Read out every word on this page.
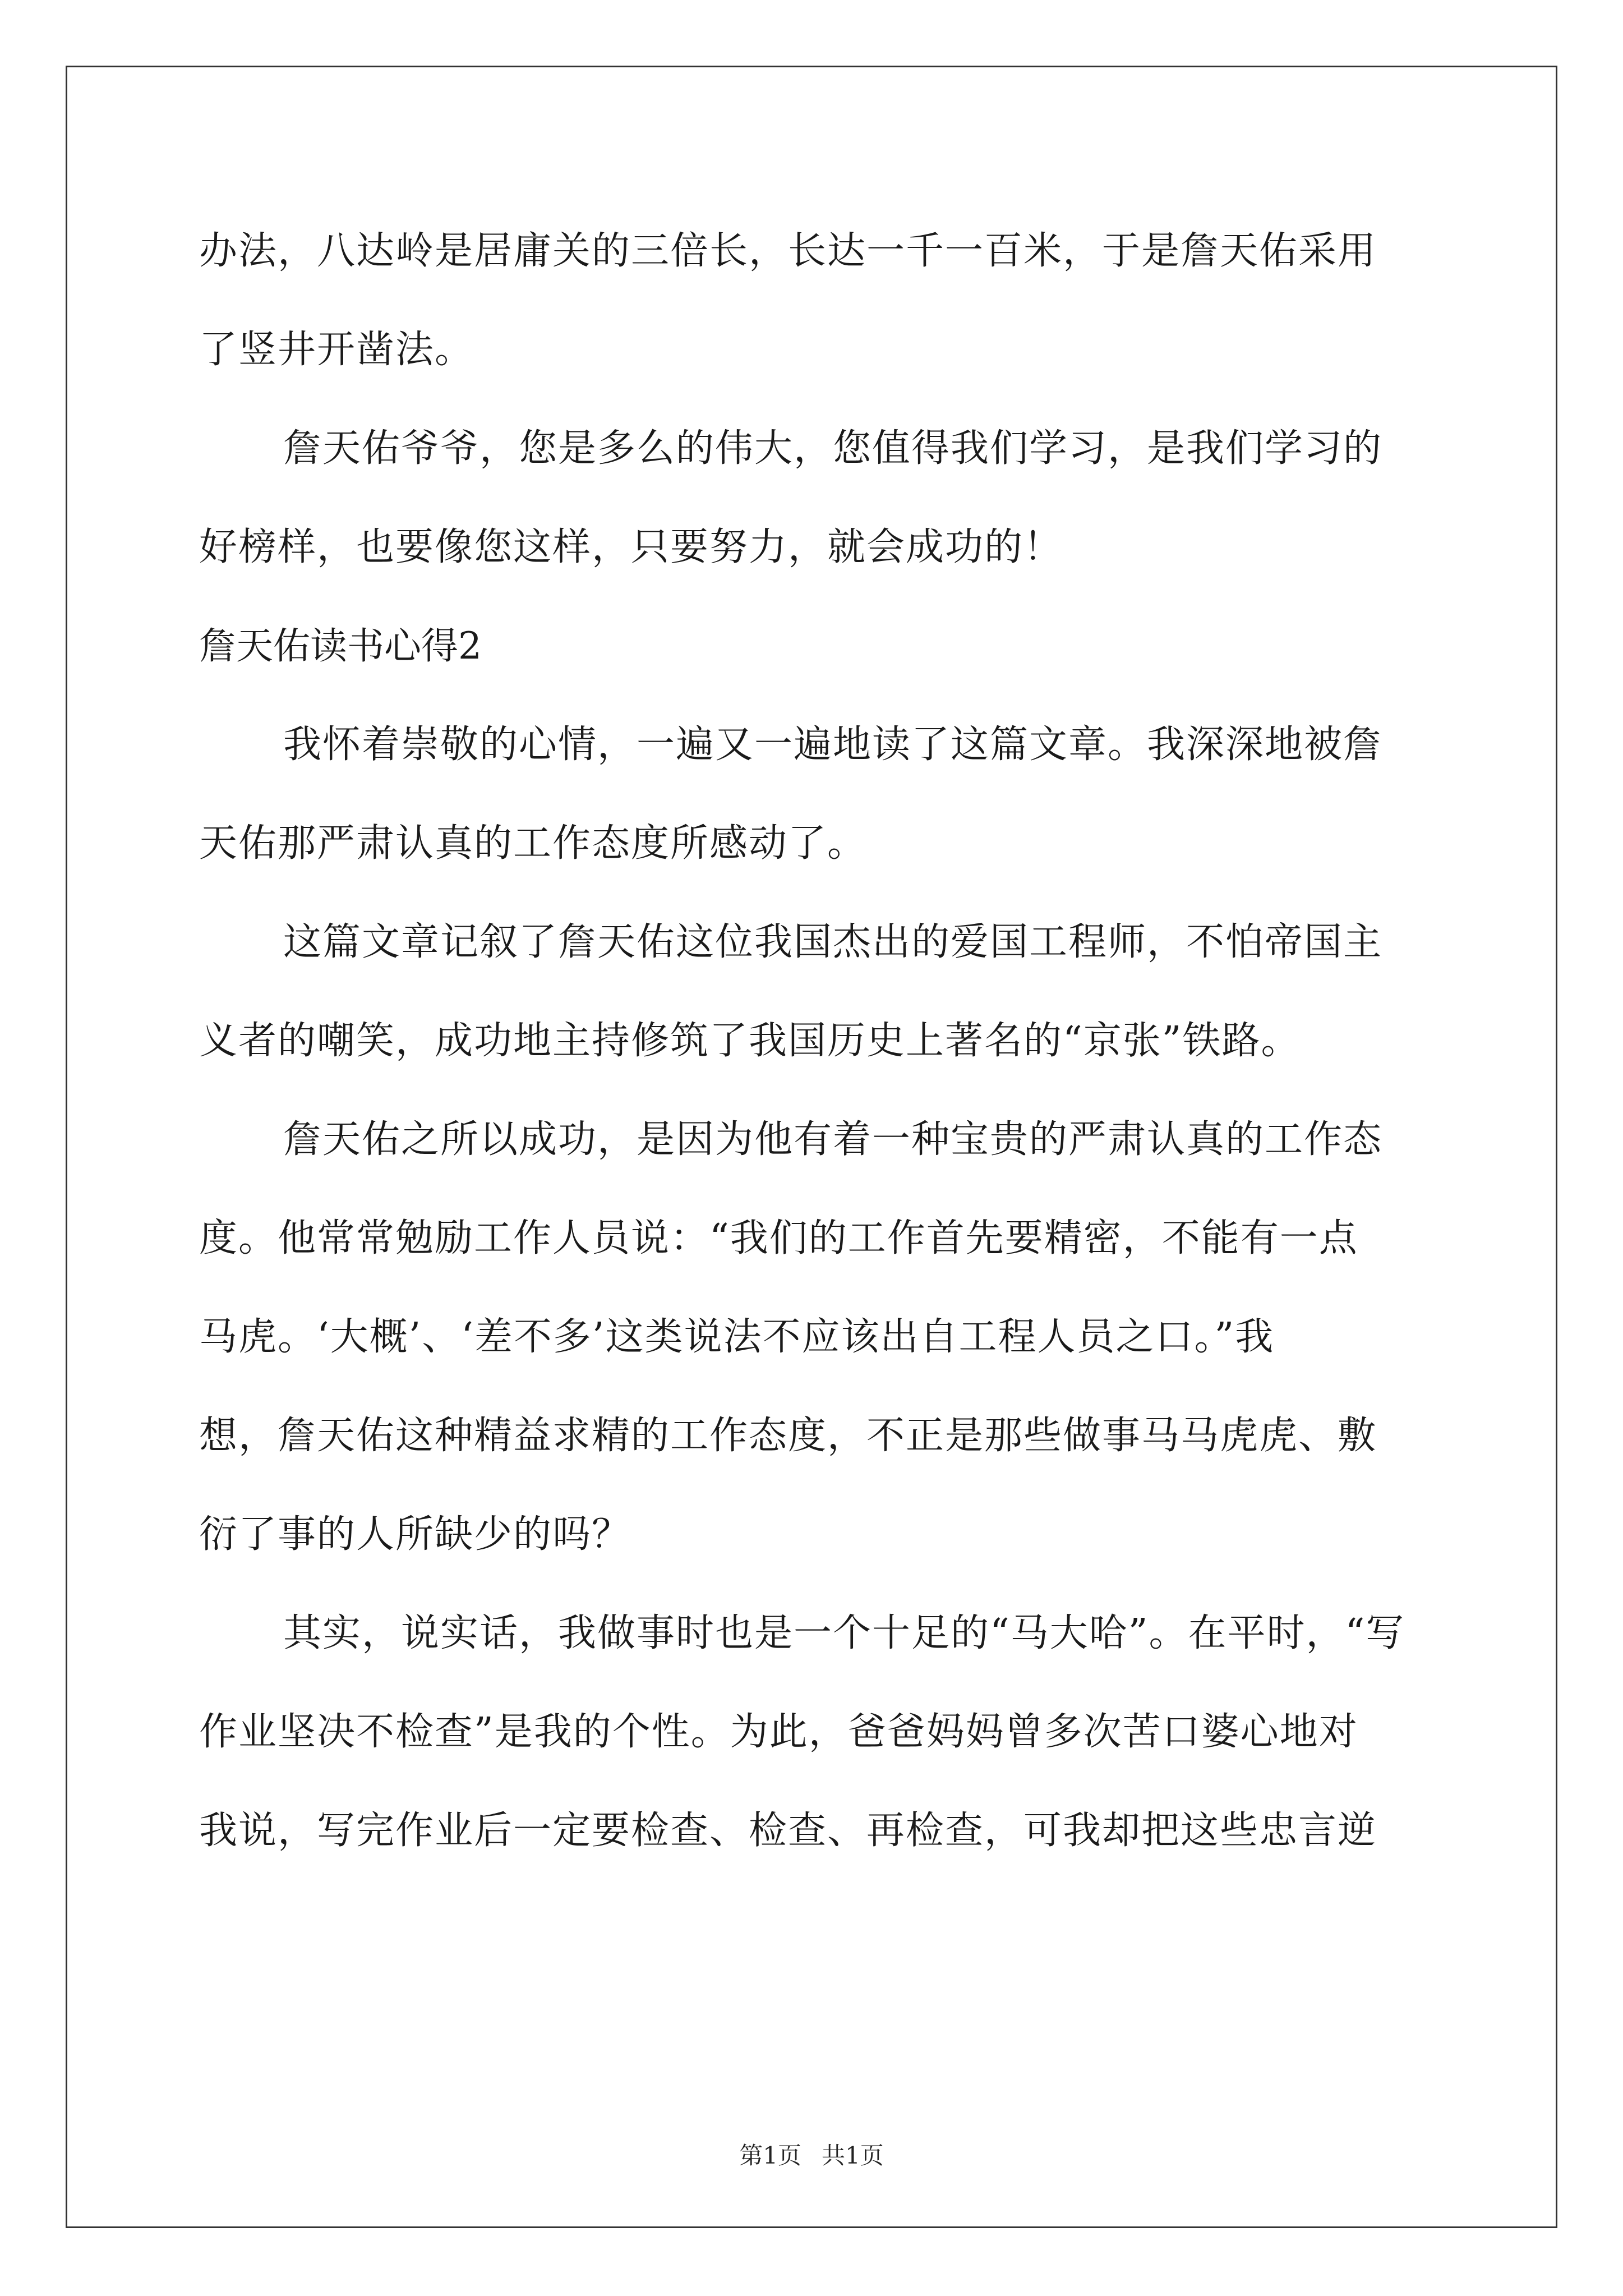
办法，八达岭是居庸关的三倍长，长达一千一百米，于是詹天佑采用
了竖井开凿法。
詹天佑爷爷，您是多么的伟大，您值得我们学习，是我们学习的
好榜样，也要像您这样，只要努力，就会成功的！
詹天佑读书心得2
我怀着崇敬的心情，一遍又一遍地读了这篇文章。我深深地被詹
天佑那严肃认真的工作态度所感动了。
这篇文章记叙了詹天佑这位我国杰出的爱国工程师，不怕帝国主
义者的嘲笑，成功地主持修筑了我国历史上著名的“京张”铁路。
詹天佑之所以成功，是因为他有着一种宝贵的严肃认真的工作态
度。他常常勉励工作人员说：“我们的工作首先要精密，不能有一点
马虎。‘大概’、‘差不多’这类说法不应该出自工程人员之口。”我
想，詹天佑这种精益求精的工作态度，不正是那些做事马马虎虎、敷
衍了事的人所缺少的吗？
其实，说实话，我做事时也是一个十足的“马大哈”。在平时，“写
作业坚决不检查”是我的个性。为此，爸爸妈妈曾多次苦口婆心地对
我说，写完作业后一定要检查、检查、再检查，可我却把这些忠言逆
第1页 共1页
